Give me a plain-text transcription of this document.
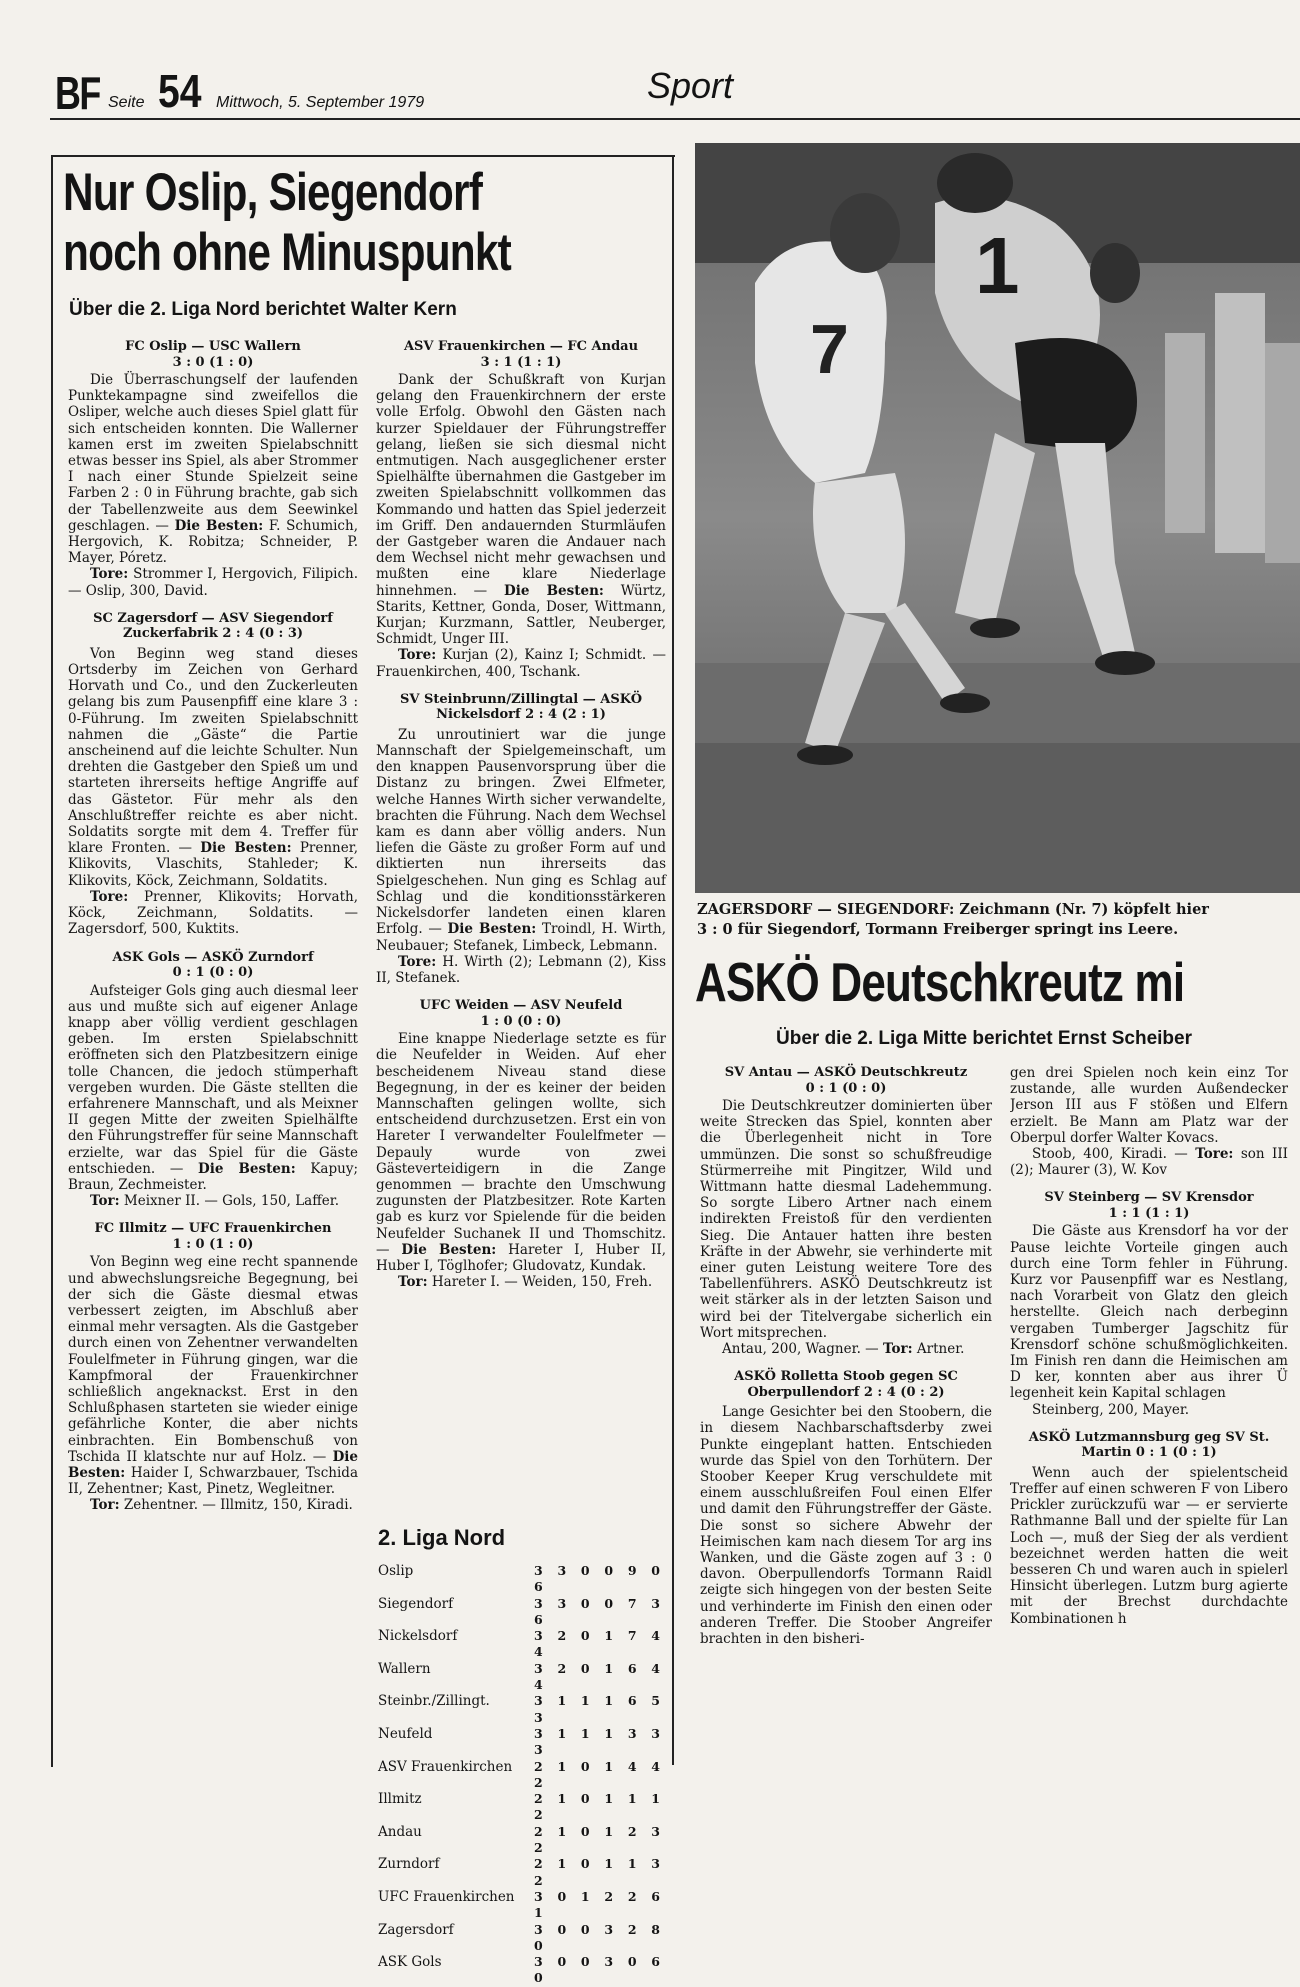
BF Seite 54 Mittwoch, 5. September 1979	Sport
Nur Oslip, Siegendorf
noch ohne Minuspunkt
Über die 2. Liga Nord berichtet Walter Kern
FC Oslip — USC Wallern
3 : 0 (1 : 0)

Die Überraschungself der laufenden Punktekampagne sind zweifellos die Osliper, welche auch dieses Spiel glatt für sich entscheiden konnten. Die Wallerner kamen erst im zweiten Spielabschnitt etwas besser ins Spiel, als aber Strommer I nach einer Stunde Spielzeit seine Farben 2 : 0 in Führung brachte, gab sich der Tabellenzweite aus dem Seewinkel geschlagen. — Die Besten: F. Schumich, Hergovich, K. Robitza; Schneider, P. Mayer, Póretz.

Tore: Strommer I, Hergovich, Filipich. — Oslip, 300, David.

SC Zagersdorf — ASV Siegendorf Zuckerfabrik 2 : 4 (0 : 3)

Von Beginn weg stand dieses Ortsderby im Zeichen von Gerhard Horvath und Co., und den Zuckerleuten gelang bis zum Pausenpfiff eine klare 3 : 0-Führung. Im zweiten Spielabschnitt nahmen die „Gäste“ die Partie anscheinend auf die leichte Schulter. Nun drehten die Gastgeber den Spieß um und starteten ihrerseits heftige Angriffe auf das Gästetor. Für mehr als den Anschlußtreffer reichte es aber nicht. Soldatits sorgte mit dem 4. Treffer für klare Fronten. — Die Besten: Prenner, Klikovits, Vlaschits, Stahleder; K. Klikovits, Köck, Zeichmann, Soldatits.

Tore: Prenner, Klikovits; Horvath, Köck, Zeichmann, Soldatits. — Zagersdorf, 500, Kuktits.

ASK Gols — ASKÖ Zurndorf
0 : 1 (0 : 0)

Aufsteiger Gols ging auch diesmal leer aus und mußte sich auf eigener Anlage knapp aber völlig verdient geschlagen geben. Im ersten Spielabschnitt eröffneten sich den Platzbesitzern einige tolle Chancen, die jedoch stümperhaft vergeben wurden. Die Gäste stellten die erfahrenere Mannschaft, und als Meixner II gegen Mitte der zweiten Spielhälfte den Führungstreffer für seine Mannschaft erzielte, war das Spiel für die Gäste entschieden. — Die Besten: Kapuy; Braun, Zechmeister.

Tor: Meixner II. — Gols, 150, Laffer.

FC Illmitz — UFC Frauenkirchen
1 : 0 (1 : 0)

Von Beginn weg eine recht spannende und abwechslungsreiche Begegnung, bei der sich die Gäste diesmal etwas verbessert zeigten, im Abschluß aber einmal mehr versagten. Als die Gastgeber durch einen von Zehentner verwandelten Foulelfmeter in Führung gingen, war die Kampfmoral der Frauenkirchner schließlich angeknackst. Erst in den Schlußphasen starteten sie wieder einige gefährliche Konter, die aber nichts einbrachten. Ein Bombenschuß von Tschida II klatschte nur auf Holz. — Die Besten: Haider I, Schwarzbauer, Tschida II, Zehentner; Kast, Pinetz, Wegleitner.

Tor: Zehentner. — Illmitz, 150, Kiradi.

ASV Frauenkirchen — FC Andau
3 : 1 (1 : 1)

Dank der Schußkraft von Kurjan gelang den Frauenkirchnern der erste volle Erfolg. Obwohl den Gästen nach kurzer Spieldauer der Führungstreffer gelang, ließen sie sich diesmal nicht entmutigen. Nach ausgeglichener erster Spielhälfte übernahmen die Gastgeber im zweiten Spielabschnitt vollkommen das Kommando und hatten das Spiel jederzeit im Griff. Den andauernden Sturmläufen der Gastgeber waren die Andauer nach dem Wechsel nicht mehr gewachsen und mußten eine klare Niederlage hinnehmen. — Die Besten: Würtz, Starits, Kettner, Gonda, Doser, Wittmann, Kurjan; Kurzmann, Sattler, Neuberger, Schmidt, Unger III.

Tore: Kurjan (2), Kainz I; Schmidt. — Frauenkirchen, 400, Tschank.

SV Steinbrunn/Zillingtal — ASKÖ Nickelsdorf 2 : 4 (2 : 1)

Zu unroutiniert war die junge Mannschaft der Spielgemeinschaft, um den knappen Pausenvorsprung über die Distanz zu bringen. Zwei Elfmeter, welche Hannes Wirth sicher verwandelte, brachten die Führung. Nach dem Wechsel kam es dann aber völlig anders. Nun liefen die Gäste zu großer Form auf und diktierten nun ihrerseits das Spielgeschehen. Nun ging es Schlag auf Schlag und die konditionsstärkeren Nickelsdorfer landeten einen klaren Erfolg. — Die Besten: Troindl, H. Wirth, Neubauer; Stefanek, Limbeck, Lebmann.

Tore: H. Wirth (2); Lebmann (2), Kiss II, Stefanek.

UFC Weiden — ASV Neufeld
1 : 0 (0 : 0)

Eine knappe Niederlage setzte es für die Neufelder in Weiden. Auf eher bescheidenem Niveau stand diese Begegnung, in der es keiner der beiden Mannschaften gelingen wollte, sich entscheidend durchzusetzen. Erst ein von Hareter I verwandelter Foulelfmeter — Depauly wurde von zwei Gästeverteidigern in die Zange genommen — brachte den Umschwung zugunsten der Platzbesitzer. Rote Karten gab es kurz vor Spielende für die beiden Neufelder Suchanek II und Thomschitz. — Die Besten: Hareter I, Huber II, Huber I, Töglhofer; Gludovatz, Kundak.

Tor: Hareter I. — Weiden, 150, Freh.

2. Liga Nord
Oslip	3 3 0 0 9 0 6
Siegendorf	3 3 0 0 7 3 6
Nickelsdorf	3 2 0 1 7 4 4
Wallern	3 2 0 1 6 4 4
Steinbr./Zillingt.	3 1 1 1 6 5 3
Neufeld	3 1 1 1 3 3 3
ASV Frauenkirchen	2 1 0 1 4 4 2
Illmitz	2 1 0 1 1 1 2
Andau	2 1 0 1 2 3 2
Zurndorf	2 1 0 1 1 3 2
UFC Frauenkirchen	3 0 1 2 2 6 1
Zagersdorf	3 0 0 3 2 8 0
ASK Gols	3 0 0 3 0 6 0
7
1
ZAGERSDORF — SIEGENDORF: Zeichmann (Nr. 7) köpfelt hier
3 : 0 für Siegendorf, Tormann Freiberger springt ins Leere.
ASKÖ Deutschkreutz mi
Über die 2. Liga Mitte berichtet Ernst Scheiber
SV Antau — ASKÖ Deutschkreutz
0 : 1 (0 : 0)

Die Deutschkreutzer dominierten über weite Strecken das Spiel, konnten aber die Überlegenheit nicht in Tore ummünzen. Die sonst so schußfreudige Stürmerreihe mit Pingitzer, Wild und Wittmann hatte diesmal Ladehemmung. So sorgte Libero Artner nach einem indirekten Freistoß für den verdienten Sieg. Die Antauer hatten ihre besten Kräfte in der Abwehr, sie verhinderte mit einer guten Leistung weitere Tore des Tabellenführers. ASKÖ Deutschkreutz ist weit stärker als in der letzten Saison und wird bei der Titelvergabe sicherlich ein Wort mitsprechen.

Antau, 200, Wagner. — Tor: Artner.

ASKÖ Rolletta Stoob gegen SC Oberpullendorf 2 : 4 (0 : 2)

Lange Gesichter bei den Stoobern, die in diesem Nachbarschaftsderby zwei Punkte eingeplant hatten. Entschieden wurde das Spiel von den Torhütern. Der Stoober Keeper Krug verschuldete mit einem ausschlußreifen Foul einen Elfer und damit den Führungstreffer der Gäste. Die sonst so sichere Abwehr der Heimischen kam nach diesem Tor arg ins Wanken, und die Gäste zogen auf 3 : 0 davon. Oberpullendorfs Tormann Raidl zeigte sich hingegen von der besten Seite und verhinderte im Finish den einen oder anderen Treffer. Die Stoober Angreifer brachten in den bisheri-

gen drei Spielen noch kein einz Tor zustande, alle wurden Außendecker Jerson III aus F stößen und Elfern erzielt. Be Mann am Platz war der Oberpul dorfer Walter Kovacs.

Stoob, 400, Kiradi. — Tore: son III (2); Maurer (3), W. Kov

SV Steinberg — SV Krensdor
1 : 1 (1 : 1)

Die Gäste aus Krensdorf ha vor der Pause leichte Vorteile gingen auch durch eine Torm fehler in Führung. Kurz vor Pausenpfiff war es Nestlang, nach Vorarbeit von Glatz den gleich herstellte. Gleich nach derbeginn vergaben Tumberger Jagschitz für Krensdorf schöne schußmöglichkeiten. Im Finish ren dann die Heimischen am D ker, konnten aber aus ihrer Ü legenheit kein Kapital schlagen

Steinberg, 200, Mayer.

ASKÖ Lutzmannsburg geg SV St. Martin 0 : 1 (0 : 1)

Wenn auch der spielentscheid Treffer auf einen schweren F von Libero Prickler zurückzufü war — er servierte Rathmanne Ball und der spielte für Lan Loch —, muß der Sieg der als verdient bezeichnet werden hatten die weit besseren Ch und waren auch in spielerl Hinsicht überlegen. Lutzm burg agierte mit der Brechst durchdachte Kombinationen h
